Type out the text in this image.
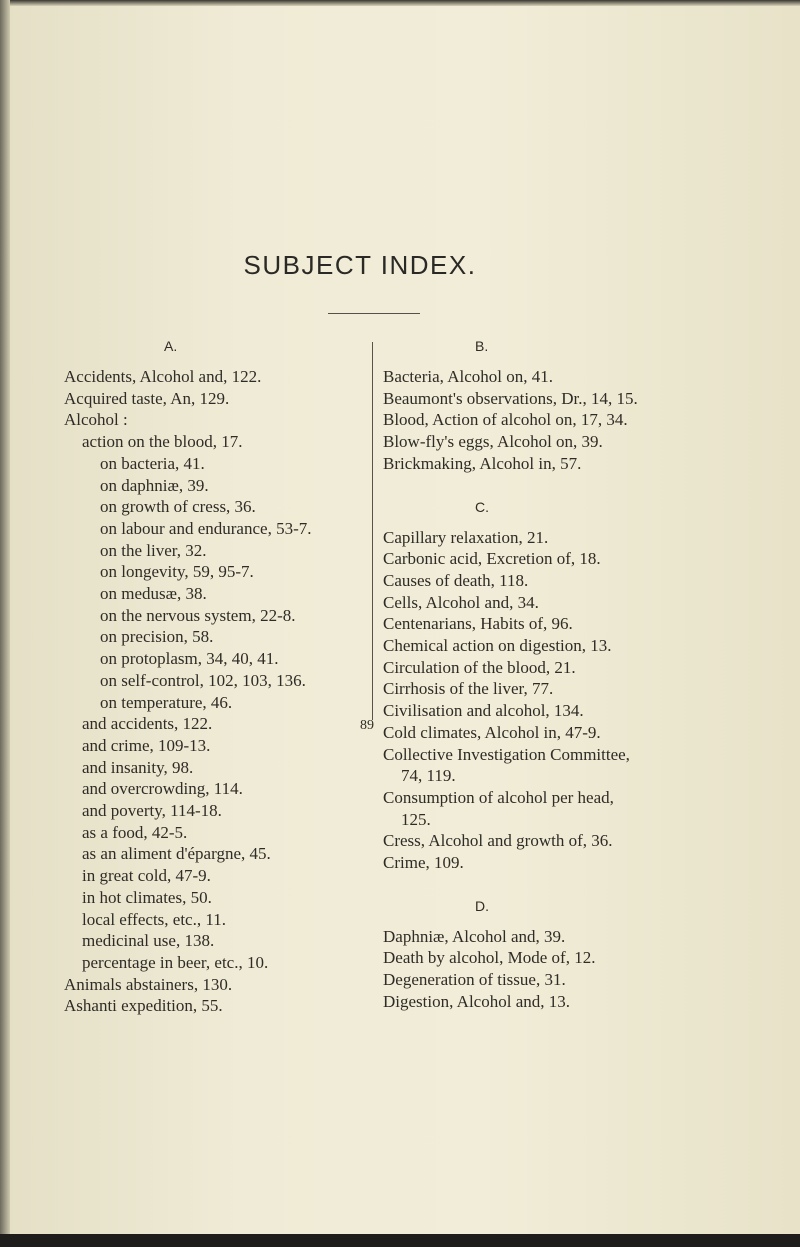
SUBJECT INDEX.
A.
Accidents, Alcohol and, 122.
Acquired taste, An, 129.
Alcohol :
action on the blood, 17.
on bacteria, 41.
on daphniæ, 39.
on growth of cress, 36.
on labour and endurance, 53-7.
on the liver, 32.
on longevity, 59, 95-7.
on medusæ, 38.
on the nervous system, 22-8.
on precision, 58.
on protoplasm, 34, 40, 41.
on self-control, 102, 103, 136.
on temperature, 46.
and accidents, 122.
and crime, 109-13.
and insanity, 98.
and overcrowding, 114.
and poverty, 114-18.
as a food, 42-5.
as an aliment d'épargne, 45.
in great cold, 47-9.
in hot climates, 50.
local effects, etc., 11.
medicinal use, 138.
percentage in beer, etc., 10.
Animals abstainers, 130.
Ashanti expedition, 55.
B.
Bacteria, Alcohol on, 41.
Beaumont's observations, Dr., 14, 15.
Blood, Action of alcohol on, 17, 34.
Blow-fly's eggs, Alcohol on, 39.
Brickmaking, Alcohol in, 57.
C.
Capillary relaxation, 21.
Carbonic acid, Excretion of, 18.
Causes of death, 118.
Cells, Alcohol and, 34.
Centenarians, Habits of, 96.
Chemical action on digestion, 13.
Circulation of the blood, 21.
Cirrhosis of the liver, 77.
Civilisation and alcohol, 134.
Cold climates, Alcohol in, 47-9.
Collective Investigation Committee, 74, 119.
Consumption of alcohol per head, 125.
Cress, Alcohol and growth of, 36.
Crime, 109.
D.
Daphniæ, Alcohol and, 39.
Death by alcohol, Mode of, 12.
Degeneration of tissue, 31.
Digestion, Alcohol and, 13.
89
